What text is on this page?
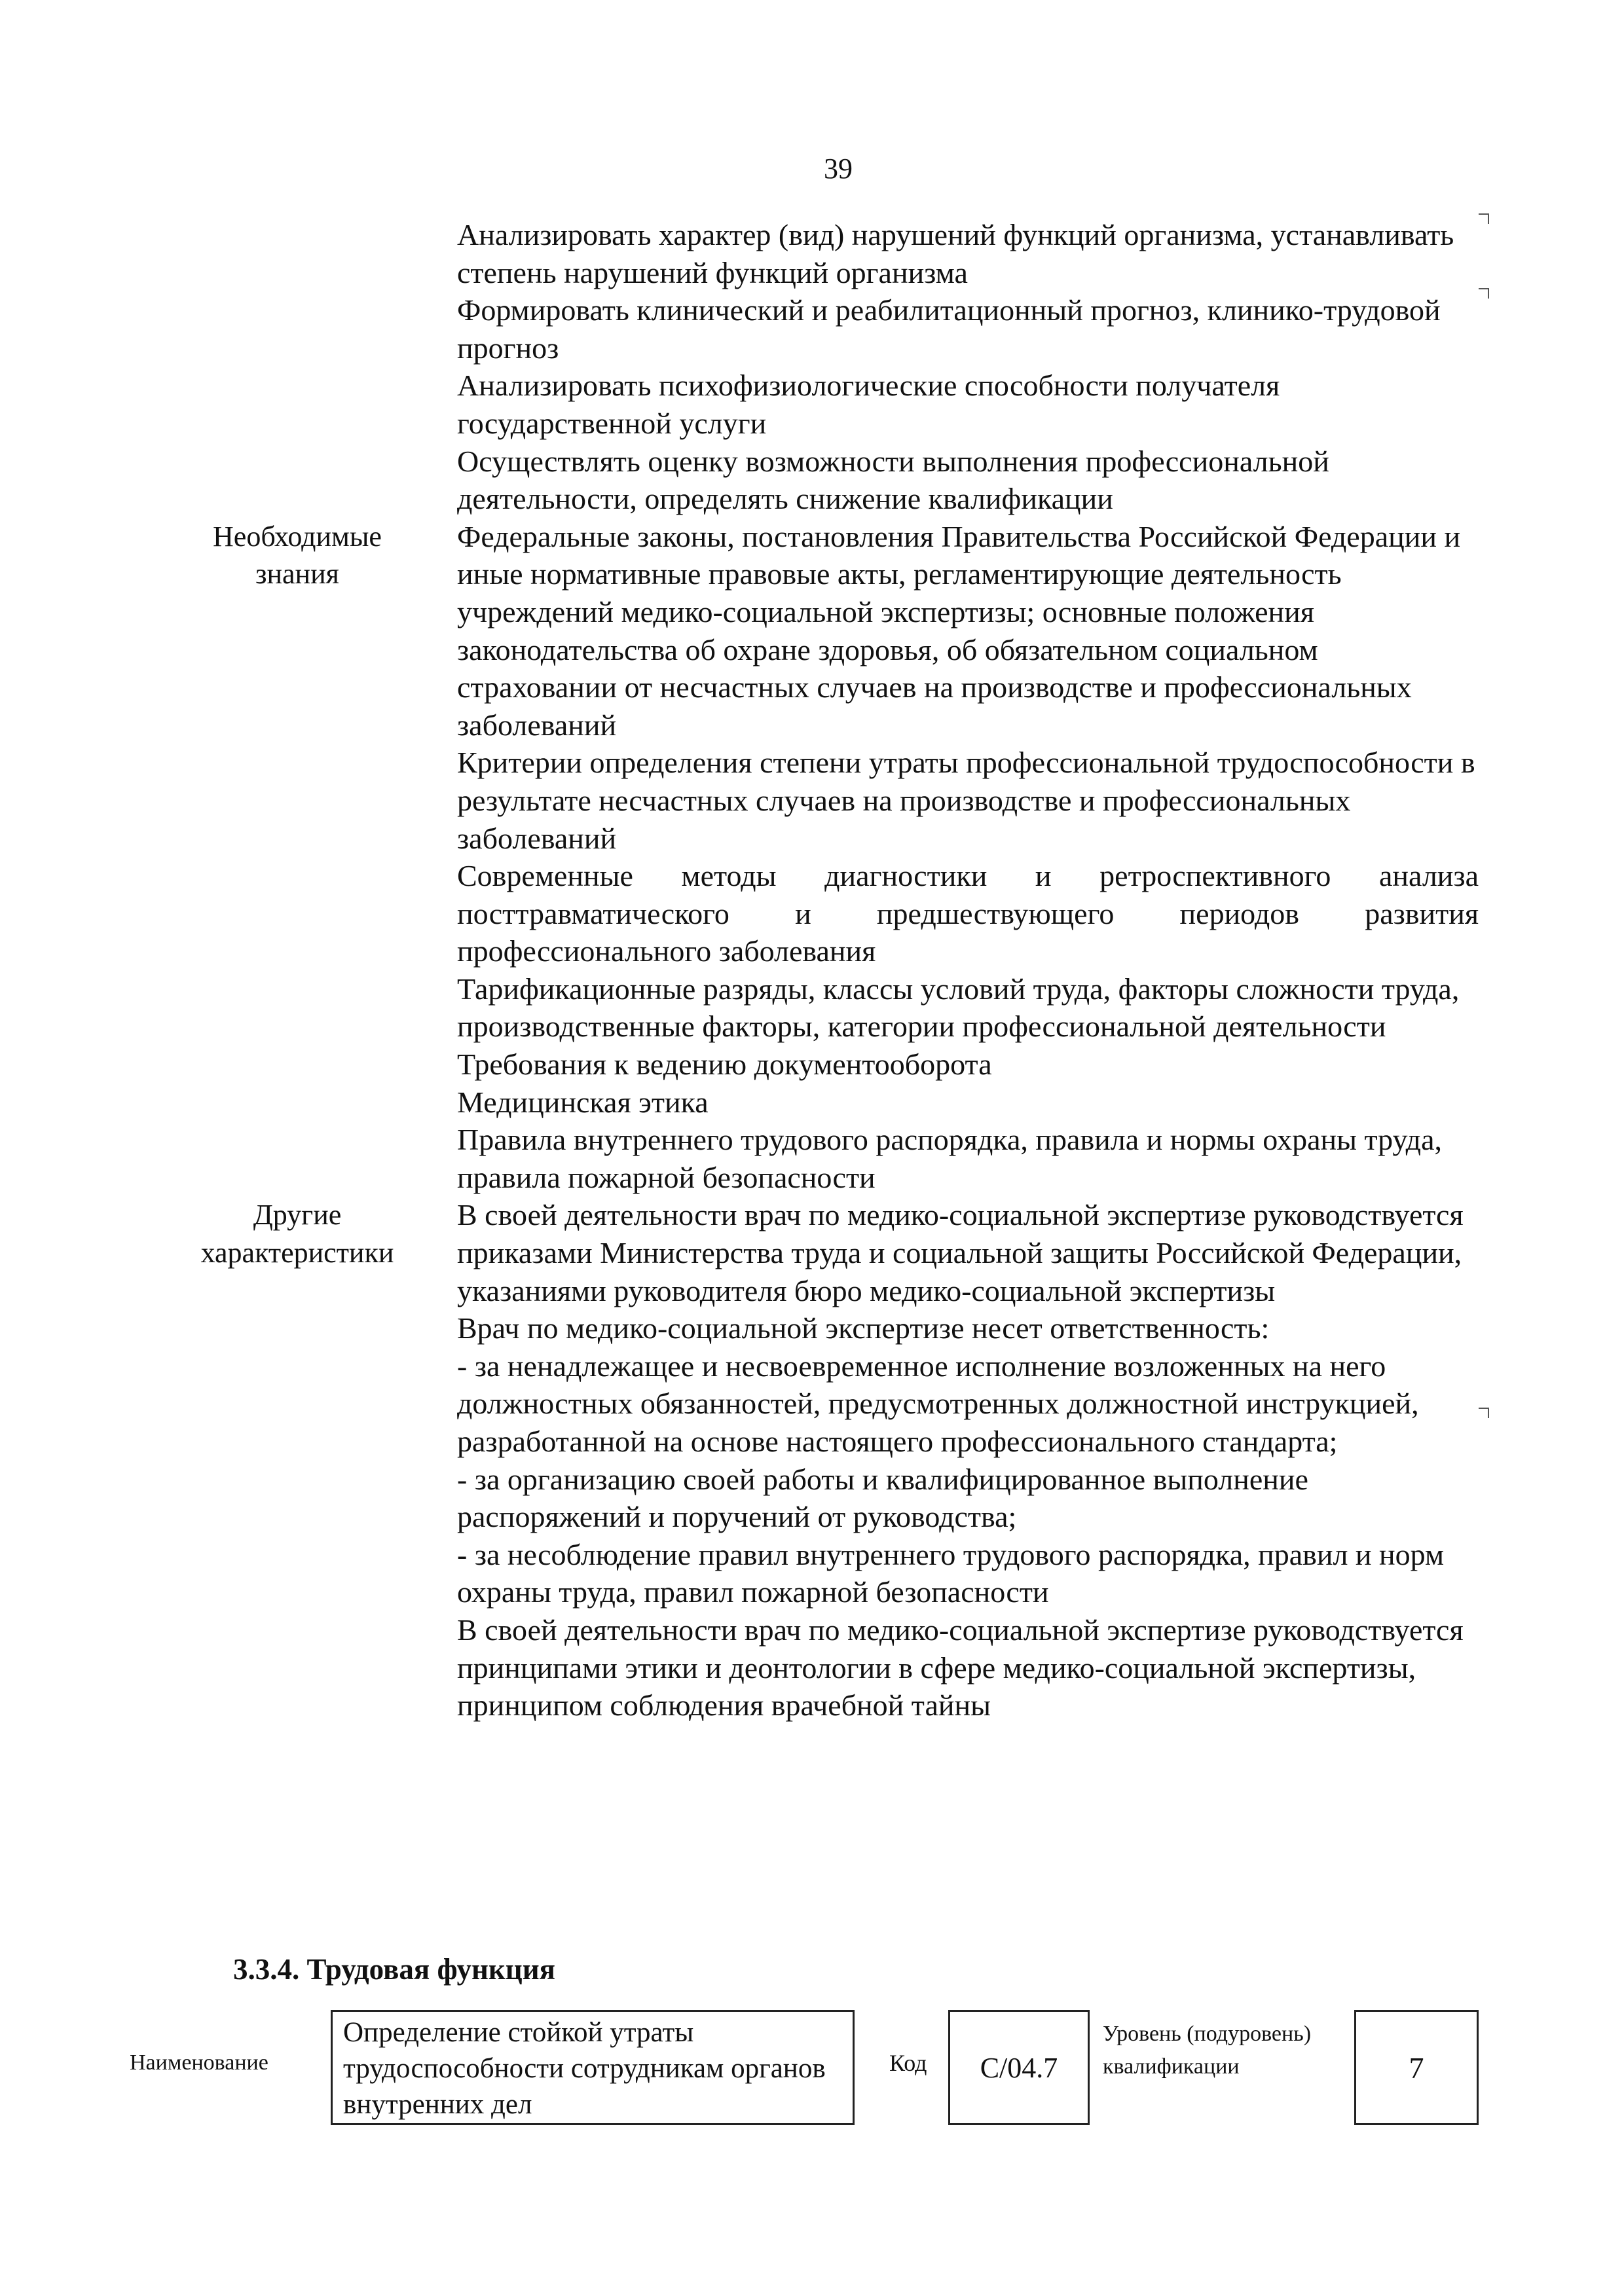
39
Анализировать характер (вид) нарушений функций организма, устанавливать степень нарушений функций организма
Формировать клинический и реабилитационный прогноз, клинико-трудовой прогноз
Анализировать психофизиологические способности получателя государственной услуги
Осуществлять оценку возможности выполнения профессиональной деятельности, определять снижение квалификации
Необходимые
знания
Федеральные законы, постановления Правительства Российской Федерации и иные нормативные правовые акты, регламентирующие деятельность учреждений медико-социальной экспертизы; основные положения законодательства об охране здоровья, об обязательном социальном страховании от несчастных случаев на производстве и профессиональных заболеваний
Критерии определения степени утраты профессиональной трудоспособности в результате несчастных случаев на производстве и профессиональных заболеваний
Современные методы диагностики и ретроспективного анализа посттравматического и предшествующего периодов развития профессионального заболевания
Тарификационные разряды, классы условий труда, факторы сложности труда, производственные факторы, категории профессиональной деятельности
Требования к ведению документооборота
Медицинская этика
Правила внутреннего трудового распорядка, правила и нормы охраны труда, правила пожарной безопасности
Другие
характеристики
В своей деятельности врач по медико-социальной экспертизе руководствуется приказами Министерства труда и социальной защиты Российской Федерации, указаниями руководителя бюро медико-социальной экспертизы
Врач по медико-социальной экспертизе несет ответственность:
- за ненадлежащее и несвоевременное исполнение возложенных на него должностных обязанностей, предусмотренных должностной инструкцией, разработанной на основе настоящего профессионального стандарта;
- за организацию своей работы и квалифицированное выполнение распоряжений и поручений от руководства;
- за несоблюдение правил внутреннего трудового распорядка, правил и норм охраны труда, правил пожарной безопасности
В своей деятельности врач по медико-социальной экспертизе руководствуется принципами этики и деонтологии в сфере медико-социальной экспертизы, принципом соблюдения врачебной тайны
3.3.4. Трудовая функция
Наименование
Определение стойкой утраты трудоспособности сотрудникам органов внутренних дел
Код	C/04.7
Уровень (подуровень) квалификации	7
